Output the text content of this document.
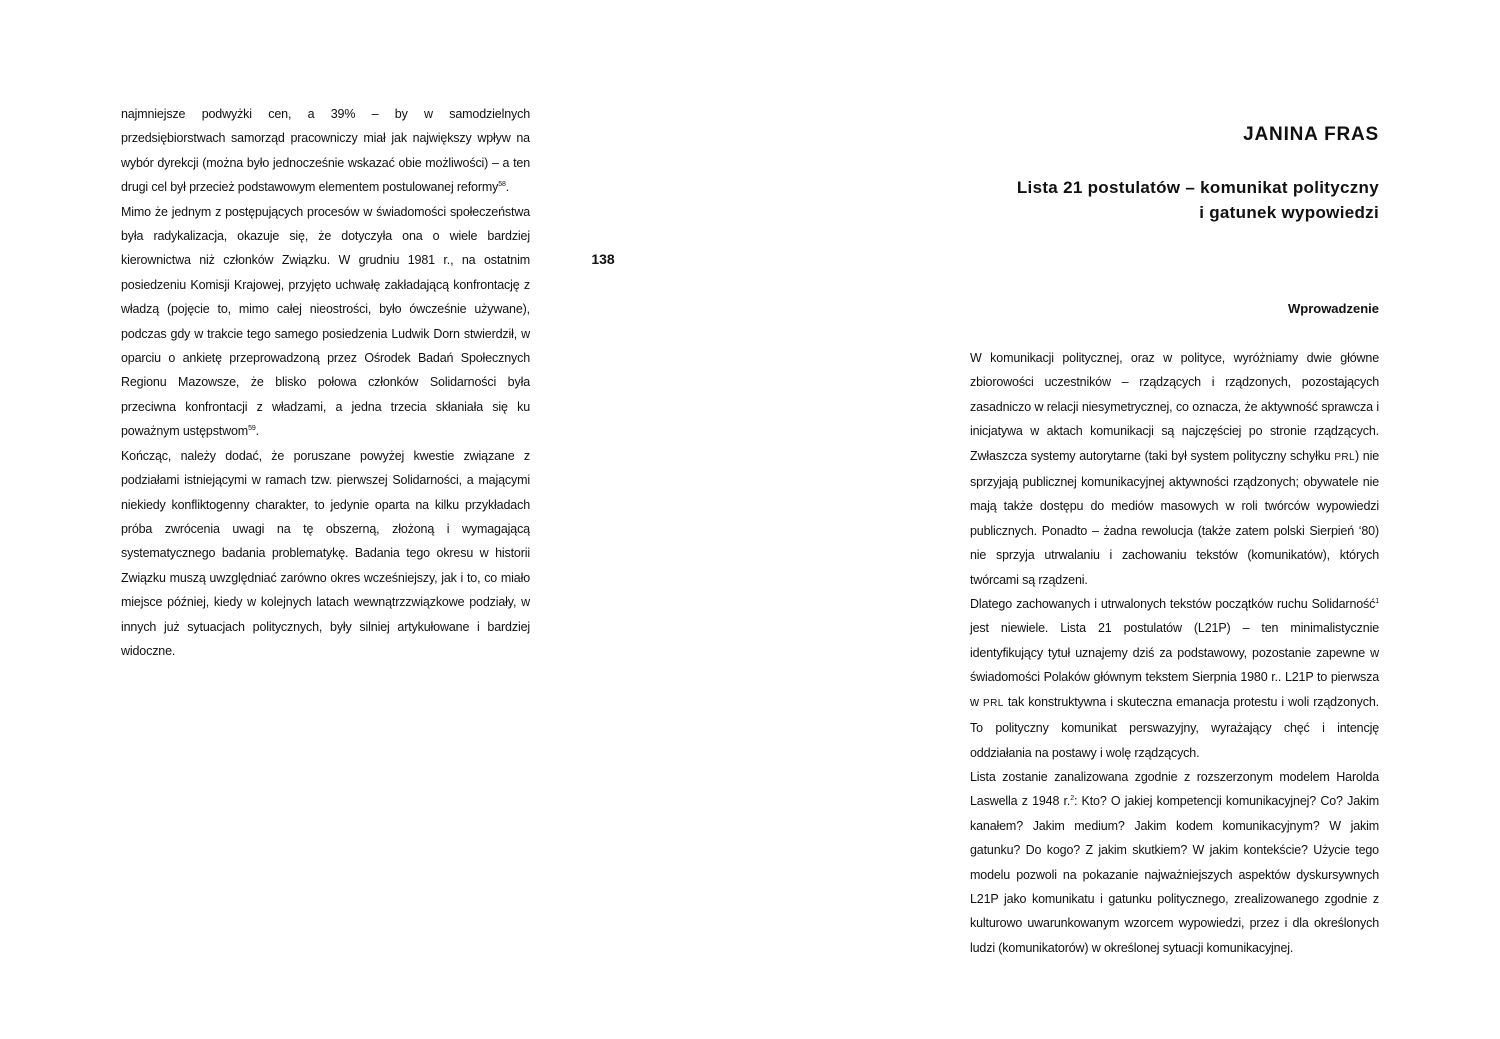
najmniejsze podwyżki cen, a 39% – by w samodzielnych przedsiębiorstwach samorząd pracowniczy miał jak największy wpływ na wybór dyrekcji (można było jednocześnie wskazać obie możliwości) – a ten drugi cel był przecież podstawowym elementem postulowanej reformy$^{58}$.

Mimo że jednym z postępujących procesów w świadomości społeczeństwa była radykalizacja, okazuje się, że dotyczyła ona o wiele bardziej kierownictwa niż członków Związku. W grudniu 1981 r., na ostatnim posiedzeniu Komisji Krajowej, przyjęto uchwałę zakładającą konfrontację z władzą (pojęcie to, mimo całej nieostrości, było ówcześnie używane), podczas gdy w trakcie tego samego posiedzenia Ludwik Dorn stwierdził, w oparciu o ankietę przeprowadzoną przez Ośrodek Badań Społecznych Regionu Mazowsze, że blisko połowa członków Solidarności była przeciwna konfrontacji z władzami, a jedna trzecia skłaniała się ku poważnym ustępstwom$^{59}$.

Kończąc, należy dodać, że poruszane powyżej kwestie związane z podziałami istniejącymi w ramach tzw. pierwszej Solidarności, a mającymi niekiedy konfliktogenny charakter, to jedynie oparta na kilku przykładach próba zwrócenia uwagi na tę obszerną, złożoną i wymagającą systematycznego badania problematykę. Badania tego okresu w historii Związku muszą uwzględniać zarówno okres wcześniejszy, jak i to, co miało miejsce później, kiedy w kolejnych latach wewnątrzzwiązkowe podziały, w innych już sytuacjach politycznych, były silniej artykułowane i bardziej widoczne.

138
JANINA FRAS
Lista 21 postulatów – komunikat polityczny
i gatunek wypowiedzi
Wprowadzenie

W komunikacji politycznej, oraz w polityce, wyróżniamy dwie główne zbiorowości uczestników – rządzących i rządzonych, pozostających zasadniczo w relacji niesymetrycznej, co oznacza, że aktywność sprawcza i inicjatywa w aktach komunikacji są najczęściej po stronie rządzących. Zwłaszcza systemy autorytarne (taki był system polityczny schyłku PRL) nie sprzyjają publicznej komunikacyjnej aktywności rządzonych; obywatele nie mają także dostępu do mediów masowych w roli twórców wypowiedzi publicznych. Ponadto – żadna rewolucja (także zatem polski Sierpień ‘80) nie sprzyja utrwalaniu i zachowaniu tekstów (komunikatów), których twórcami są rządzeni.

Dlatego zachowanych i utrwalonych tekstów początków ruchu Solidarność$^1$ jest niewiele. Lista 21 postulatów (L21P) – ten minimalistycznie identyfikujący tytuł uznajemy dziś za podstawowy, pozostanie zapewne w świadomości Polaków głównym tekstem Sierpnia 1980 r.. L21P to pierwsza w PRL tak konstruktywna i skuteczna emanacja protestu i woli rządzonych. To polityczny komunikat perswazyjny, wyrażający chęć i intencję oddziałania na postawy i wolę rządzących.

Lista zostanie zanalizowana zgodnie z rozszerzonym modelem Harolda Laswella z 1948 r.$^2$: Kto? O jakiej kompetencji komunikacyjnej? Co? Jakim kanałem? Jakim medium? Jakim kodem komunikacyjnym? W jakim gatunku? Do kogo? Z jakim skutkiem? W jakim kontekście? Użycie tego modelu pozwoli na pokazanie najważniejszych aspektów dyskursywnych L21P jako komunikatu i gatunku politycznego, zrealizowanego zgodnie z kulturowo uwarunkowanym wzorcem wypowiedzi, przez i dla określonych ludzi (komunikatorów) w określonej sytuacji komunikacyjnej.
